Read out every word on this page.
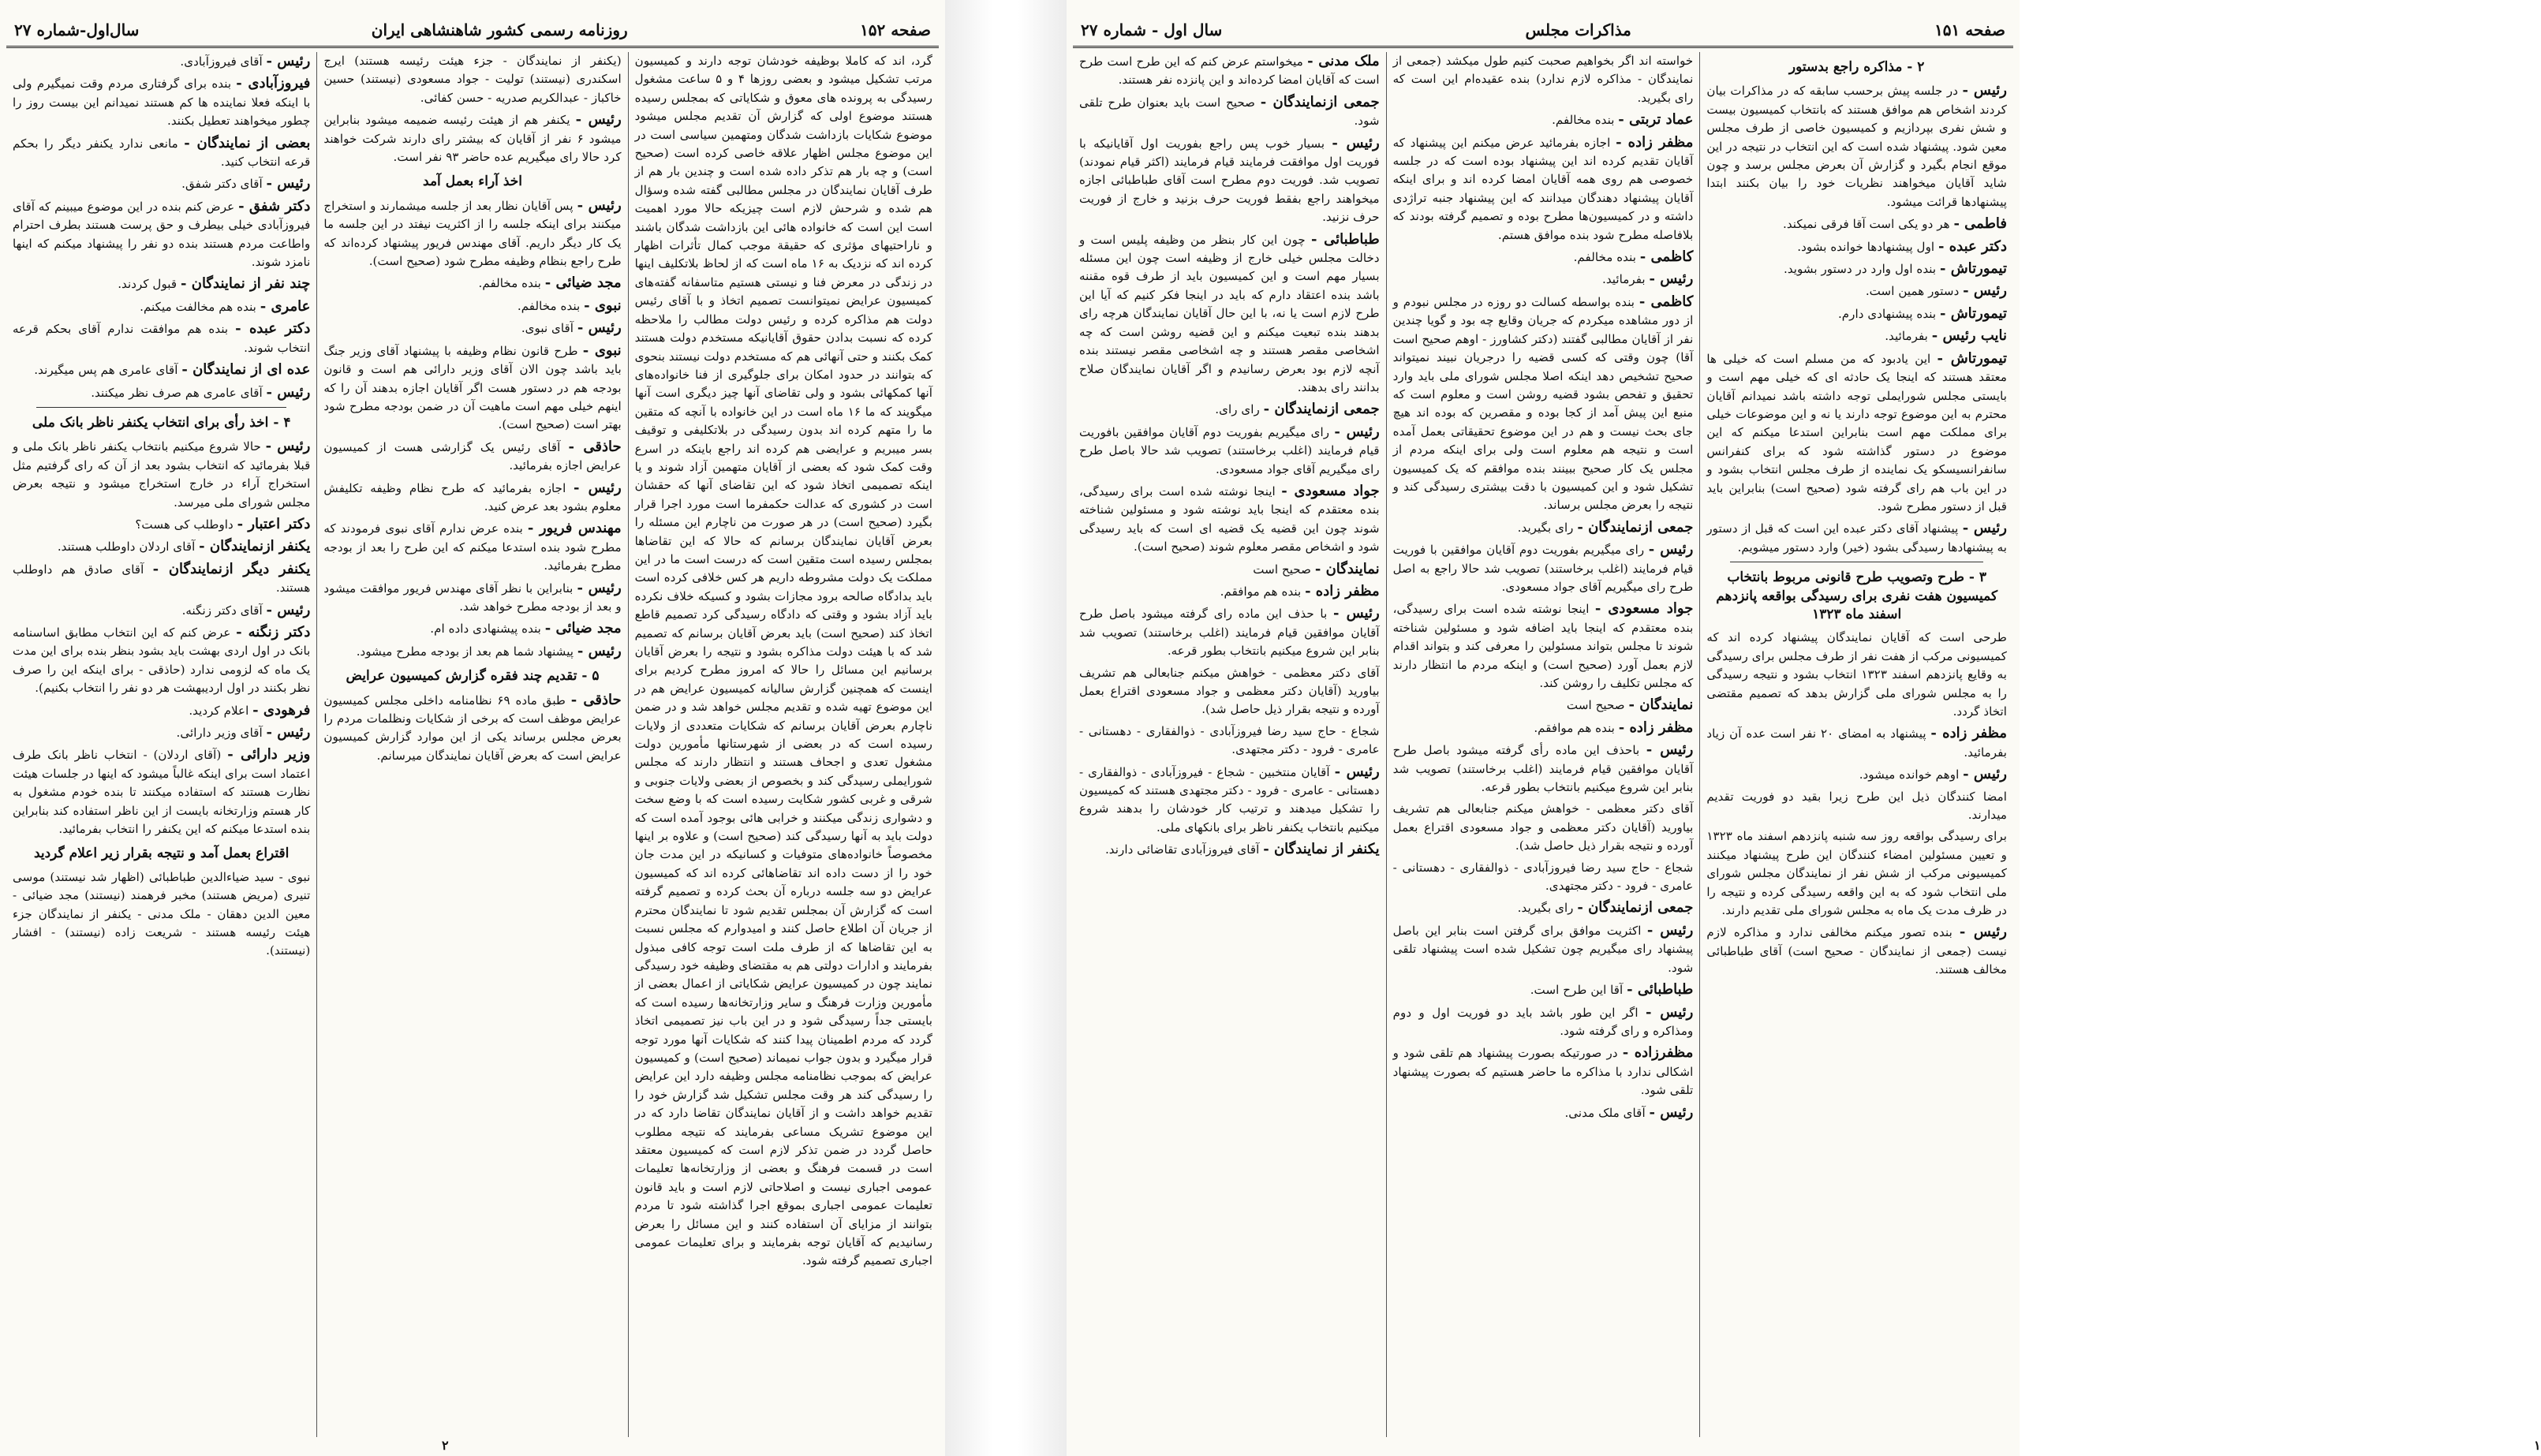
سال‌اول-شماره ۲۷	روزنامه رسمی کشور شاهنشاهی ایران	صفحه ۱۵۲

گرد، اند که کاملا بوظیفه خودشان توجه دارند و کمیسیون مرتب تشکیل میشود و بعضی روزها ۴ و ۵ ساعت مشغول رسیدگی به پرونده های معوق و شکایاتی که بمجلس رسیده هستند موضوع اولی که گزارش آن تقدیم مجلس میشود موضوع شکایات بازداشت شدگان ومتهمین سیاسی است در این موضوع مجلس اظهار علاقه خاصی کرده است (صحیح است) و چه بار هم تذکر داده شده است و چندین بار هم از طرف آقایان نمایندگان در مجلس مطالبی گفته شده وسؤال هم شده و شرحش لازم است چیزیکه حالا مورد اهمیت است این است که خانواده هائی این بازداشت شدگان باشند و ناراحتیهای مؤثری که حقیقة موجب کمال تأثرات اظهار کرده اند که نزدیک به ۱۶ ماه است که از لحاظ بلاتکلیف اینها در زندگی در معرض فنا و نیستی هستیم متاسفانه گفته‌های کمیسیون عرایض نمیتوانست تصمیم اتخاذ و با آقای رئیس دولت هم مذاکره کرده و رئیس دولت مطالب را ملاحظه کرده که نسبت بدادن حقوق آقایانیکه مستخدم دولت هستند کمک بکنند و حتی آنهائی هم که مستخدم دولت نیستند بنحوی که بتوانند در حدود امکان برای جلوگیری از فنا خانواده‌های آنها کمکهائی بشود و ولی تقاضای آنها چیز دیگری است آنها میگویند که ما ۱۶ ماه است در این خانواده با آنچه که متقین ما را متهم کرده اند بدون رسیدگی در بلاتکلیفی و توقیف بسر میبریم و عرایضی هم کرده اند راجع باینکه در اسرع وقت کمک شود که بعضی از آقایان متهمین آزاد شوند و یا اینکه تصمیمی اتخاذ شود که این تقاضای آنها که حقشان است در کشوری که عدالت حکمفرما است مورد اجرا قرار بگیرد (صحیح است) در هر صورت من ناچارم این مسئله را بعرض آقایان نمایندگان برسانم که حالا که این تقاضاها بمجلس رسیده است متقین است که درست است ما در این مملکت یک دولت مشروطه داریم هر کس خلافی کرده است باید بدادگاه صالحه برود مجازات بشود و کسیکه خلاف نکرده باید آزاد بشود و وقتی که دادگاه رسیدگی کرد تصمیم قاطع اتخاذ کند (صحیح است) باید بعرض آقایان برسانم که تصمیم شد که با هیئت دولت مذاکره بشود و نتیجه را بعرض آقایان برسانیم این مسائل را حالا که امروز مطرح کردیم برای اینست که همچنین گزارش سالیانه کمیسیون عرایض هم در این موضوع تهیه شده و تقدیم مجلس خواهد شد و در ضمن ناچارم بعرض آقایان برسانم که شکایات متعددی از ولایات رسیده است که در بعضی از شهرستانها مأمورین دولت مشغول تعدی و اجحاف هستند و انتظار دارند که مجلس شورایملی رسیدگی کند و بخصوص از بعضی ولایات جنوبی و شرقی و غربی کشور شکایت رسیده است که با وضع سخت و دشواری زندگی میکنند و خرابی هائی بوجود آمده است که دولت باید به آنها رسیدگی کند (صحیح است) و علاوه بر اینها مخصوصاً خانواده‌های متوفیات و کسانیکه در این مدت جان خود را از دست داده اند تقاضاهائی کرده اند که کمیسیون عرایض دو سه جلسه درباره آن بحث کرده و تصمیم گرفته است که گزارش آن بمجلس تقدیم شود تا نمایندگان محترم از جریان آن اطلاع حاصل کنند و امیدوارم که مجلس نسبت به این تقاضاها که از طرف ملت است توجه کافی مبذول بفرمایند و ادارات دولتی هم به مقتضای وظیفه خود رسیدگی نمایند چون در کمیسیون عرایض شکایاتی از اعمال بعضی از مأمورین وزارت فرهنگ و سایر وزارتخانه‌ها رسیده است که بایستی جداً رسیدگی شود و در این باب نیز تصمیمی اتخاذ گردد که مردم اطمینان پیدا کنند که شکایات آنها مورد توجه قرار میگیرد و بدون جواب نمیماند (صحیح است) و کمیسیون عرایض که بموجب نظامنامه مجلس وظیفه دارد این عرایض را رسیدگی کند هر وقت مجلس تشکیل شد گزارش خود را تقدیم خواهد داشت و از آقایان نمایندگان تقاضا دارد که در این موضوع تشریک مساعی بفرمایند که نتیجه مطلوب حاصل گردد در ضمن تذکر لازم است که کمیسیون معتقد است در قسمت فرهنگ و بعضی از وزارتخانه‌ها تعلیمات عمومی اجباری نیست و اصلاحاتی لازم است و باید قانون تعلیمات عمومی اجباری بموقع اجرا گذاشته شود تا مردم بتوانند از مزایای آن استفاده کنند و این مسائل را بعرض رسانیدیم که آقایان توجه بفرمایند و برای تعلیمات عمومی اجباری تصمیم گرفته شود.

(یکنفر از نمایندگان - جزء هیئت رئیسه هستند) ایرج اسکندری (نیستند) تولیت - جواد مسعودی (نیستند) حسین خاکباز - عبدالکریم صدریه - حسن کفائی.

رئیس - یکنفر هم از هیئت رئیسه ضمیمه میشود بنابراین میشود ۶ نفر از آقایان که بیشتر رای دارند شرکت خواهند کرد حالا رای میگیریم عده حاضر ۹۳ نفر است.

اخذ آراء بعمل آمد

رئیس - پس آقایان نظار بعد از جلسه میشمارند و استخراج میکنند برای اینکه جلسه را از اکثریت نیفتد در این جلسه ما یک کار دیگر داریم. آقای مهندس فریور پیشنهاد کرده‌اند که طرح راجع بنظام وظیفه مطرح شود (صحیح است).

مجد ضیائی - بنده مخالفم.

نبوی - بنده مخالفم.

رئیس - آقای نبوی.

نبوی - طرح قانون نظام وظیفه با پیشنهاد آقای وزیر جنگ باید باشد چون الان آقای وزیر دارائی هم است و قانون بودجه هم در دستور هست اگر آقایان اجازه بدهند آن را که اینهم خیلی مهم است ماهیت آن در ضمن بودجه مطرح شود بهتر است (صحیح است).

حاذقی - آقای رئیس یک گزارشی هست از کمیسیون عرایض اجازه بفرمائید.

رئیس - اجازه بفرمائید که طرح نظام وظیفه تکلیفش معلوم بشود بعد عرض کنید.

مهندس فریور - بنده عرض ندارم آقای نبوی فرمودند که مطرح شود بنده استدعا میکنم که این طرح را بعد از بودجه مطرح بفرمائید.

رئیس - بنابراین با نظر آقای مهندس فریور موافقت میشود و بعد از بودجه مطرح خواهد شد.

مجد ضیائی - بنده پیشنهادی داده ام.

رئیس - پیشنهاد شما هم بعد از بودجه مطرح میشود.

۵ - تقدیم چند فقره گزارش کمیسیون عرایض

حاذقی - طبق ماده ۶۹ نظامنامه داخلی مجلس کمیسیون عرایض موظف است که برخی از شکایات ونظلمات مردم را بعرض مجلس برساند یکی از این موارد گزارش کمیسیون عرایض است که بعرض آقایان نمایندگان میرسانم.

رئیس - آقای فیروزآبادی.

فیروزآبادی - بنده برای گرفتاری مردم وقت نمیگیرم ولی با اینکه فعلا نماینده ها کم هستند نمیدانم این بیست روز را چطور میخواهند تعطیل بکنند.

بعضی از نمایندگان - مانعی ندارد یکنفر دیگر را بحکم قرعه انتخاب کنید.

رئیس - آقای دکتر شفق.

دکتر شفق - عرض کنم بنده در این موضوع میبینم که آقای فیروزآبادی خیلی بیطرف و حق پرست هستند بطرف احترام واطاعت مردم هستند بنده دو نفر را پیشنهاد میکنم که اینها نامزد شوند.

چند نفر از نمایندگان - قبول کردند.

عامری - بنده هم مخالفت میکنم.

دکتر عبده - بنده هم موافقت ندارم آقای بحکم قرعه انتخاب شوند.

عده ای از نمایندگان - آقای عامری هم پس میگیرند.

رئیس - آقای عامری هم صرف نظر میکنند.

۴ - اخذ رأی برای انتخاب یکنفر ناظر بانک ملی

رئیس - حالا شروع میکنیم بانتخاب یکنفر ناظر بانک ملی و قبلا بفرمائید که انتخاب بشود بعد از آن که رای گرفتیم مثل استخراج آراء در خارج استخراج میشود و نتیجه بعرض مجلس شورای ملی میرسد.

دکتر اعتبار - داوطلب کی هست؟

یکنفر ازنمایندگان - آقای اردلان داوطلب هستند.

یکنفر دیگر ازنمایندگان - آقای صادق هم داوطلب هستند.

رئیس - آقای دکتر زنگنه.

دکتر زنگنه - عرض کنم که این انتخاب مطابق اساسنامه بانک در اول اردی بهشت باید بشود بنظر بنده برای این مدت یک ماه که لزومی ندارد (حاذقی - برای اینکه این را صرف نظر بکنند در اول اردیبهشت هر دو نفر را انتخاب بکنیم).

فرهودی - اعلام کردید.

رئیس - آقای وزیر دارائی.

وزیر دارائی - (آقای اردلان) - انتخاب ناظر بانک طرف اعتماد است برای اینکه غالباً میشود که اینها در جلسات هیئت نظارت هستند که استفاده میکنند تا بنده خودم مشغول به کار هستم وزارتخانه بایست از این ناظر استفاده کند بنابراین بنده استدعا میکنم که این یکنفر را انتخاب بفرمائید.

اقتراع بعمل آمد و نتیجه بقرار زیر اعلام گردید

نبوی - سید ضیاءالدین طباطبائی (اظهار شد نیستند) موسی تنیری (مریض هستند) مخبر فرهمند (نیستند) مجد ضیائی - معین الدین دهقان - ملک مدنی - یکنفر از نمایندگان جزء هیئت رئیسه هستند - شریعت زاده (نیستند) - افشار (نیستند).

۲
سال اول - شماره ۲۷	مذاکرات مجلس	صفحه ۱۵۱
۲ - مذاکره راجع بدستور

رئیس - در جلسه پیش برحسب سابقه که در مذاکرات بیان کردند اشخاص هم موافق هستند که بانتخاب کمیسیون بیست و شش نفری بپردازیم و کمیسیون خاصی از طرف مجلس معین شود. پیشنهاد شده است که این انتخاب در نتیجه در این موقع انجام بگیرد و گزارش آن بعرض مجلس برسد و چون شاید آقایان میخواهند نظریات خود را بیان بکنند ابتدا پیشنهادها قرائت میشود.

فاطمی - هر دو یکی است آقا فرقی نمیکند.

دکتر عبده - اول پیشنهادها خوانده بشود.

تیمورتاش - بنده اول وارد در دستور بشوید.

رئیس - دستور همین است.

تیمورتاش - بنده پیشنهادی دارم.

نایب رئیس - بفرمائید.

تیمورتاش - این یادبود که من مسلم است که خیلی ها معتقد هستند که اینجا یک حادثه ای که خیلی مهم است و بایستی مجلس شورایملی توجه داشته باشد نمیدانم آقایان محترم به این موضوع توجه دارند یا نه و این موضوعات خیلی برای مملکت مهم است بنابراین استدعا میکنم که این موضوع در دستور گذاشته شود که برای کنفرانس سانفرانسیسکو یک نماینده از طرف مجلس انتخاب بشود و در این باب هم رای گرفته شود (صحیح است) بنابراین باید قبل از دستور مطرح شود.

رئیس - پیشنهاد آقای دکتر عبده این است که قبل از دستور به پیشنهادها رسیدگی بشود (خیر) وارد دستور میشویم.

۳ - طرح وتصویب طرح قانونی مربوط بانتخاب کمیسیون هفت نفری برای رسیدگی بواقعه پانزدهم اسفند ماه ۱۳۲۳

طرحی است که آقایان نمایندگان پیشنهاد کرده اند که کمیسیونی مرکب از هفت نفر از طرف مجلس برای رسیدگی به وقایع پانزدهم اسفند ۱۳۲۳ انتخاب بشود و نتیجه رسیدگی را به مجلس شورای ملی گزارش بدهد که تصمیم مقتضی اتخاذ گردد.

مظفر زاده - پیشنهاد به امضای ۲۰ نفر است عده آن زیاد بفرمائید.

رئیس - اوهم خوانده میشود.

امضا کنندگان ذیل این طرح زیرا بقید دو فوریت تقدیم میدارند.

برای رسیدگی بواقعه روز سه شنبه پانزدهم اسفند ماه ۱۳۲۳ و تعیین مسئولین امضاء کنندگان این طرح پیشنهاد میکنند کمیسیونی مرکب از شش نفر از نمایندگان مجلس شورای ملی انتخاب شود که به این واقعه رسیدگی کرده و نتیجه را در ظرف مدت یک ماه به مجلس شورای ملی تقدیم دارند.

رئیس - بنده تصور میکنم مخالفی ندارد و مذاکره لازم نیست (جمعی از نمایندگان - صحیح است) آقای طباطبائی مخالف هستند.

خواسته اند اگر بخواهیم صحبت کنیم طول میکشد (جمعی از نمایندگان - مذاکره لازم ندارد) بنده عقیده‌ام این است که رای بگیرید.

عماد تربتی - بنده مخالفم.

مظفر زاده - اجازه بفرمائید عرض میکنم این پیشنهاد که آقایان تقدیم کرده اند این پیشنهاد بوده است که در جلسه خصوصی هم روی همه آقایان امضا کرده اند و برای اینکه آقایان پیشنهاد دهندگان میدانند که این پیشنهاد جنبه تراژدی داشته و در کمیسیون‌ها مطرح بوده و تصمیم گرفته بودند که بلافاصله مطرح شود بنده موافق هستم.

کاظمی - بنده مخالفم.

رئیس - بفرمائید.

کاظمی - بنده بواسطه کسالت دو روزه در مجلس نبودم و از دور مشاهده میکردم که جریان وقایع چه بود و گویا چندین نفر از آقایان مطالبی گفتند (دکتر کشاورز - اوهم صحیح است آقا) چون وقتی که کسی قضیه را درجریان نبیند نمیتواند صحیح تشخیص دهد اینکه اصلا مجلس شورای ملی باید وارد تحقیق و تفحص بشود قضیه روشن است و معلوم است که منبع این پیش آمد از کجا بوده و مقصرین که بوده اند هیچ جای بحث نیست و هم در این موضوع تحقیقاتی بعمل آمده است و نتیجه هم معلوم است ولی برای اینکه مردم از مجلس یک کار صحیح ببینند بنده موافقم که یک کمیسیون تشکیل شود و این کمیسیون با دقت بیشتری رسیدگی کند و نتیجه را بعرض مجلس برساند.

جمعی ازنمایندگان - رای بگیرید.

رئیس - رای میگیریم بفوریت دوم آقایان موافقین با فوریت قیام فرمایند (اغلب برخاستند) تصویب شد حالا راجع به اصل طرح رای میگیریم آقای جواد مسعودی.

جواد مسعودی - اینجا نوشته شده است برای رسیدگی، بنده معتقدم که اینجا باید اضافه شود و مسئولین شناخته شوند تا مجلس بتواند مسئولین را معرفی کند و بتواند اقدام لازم بعمل آورد (صحیح است) و اینکه مردم ما انتظار دارند که مجلس تکلیف را روشن کند.

نمایندگان - صحیح است

مظفر زاده - بنده هم موافقم.

رئیس - باحذف این ماده رأی گرفته میشود باصل طرح آقایان موافقین قیام فرمایند (اغلب برخاستند) تصویب شد بنابر این شروع میکنیم بانتخاب بطور قرعه.

آقای دکتر معظمی - خواهش میکنم جنابعالی هم تشریف بیاورید (آقایان دکتر معظمی و جواد مسعودی اقتراع بعمل آورده و نتیجه بقرار ذیل حاصل شد).

شجاع - حاج سید رضا فیروزآبادی - ذوالفقاری - دهستانی - عامری - فرود - دکتر مجتهدی.

جمعی ازنمایندگان - رای بگیرید.

رئیس - اکثریت موافق برای گرفتن است بنابر این باصل پیشنهاد رای میگیریم چون تشکیل شده است پیشنهاد تلقی شود.

طباطبائی - آقا این طرح است.

رئیس - اگر این طور باشد باید دو فوریت اول و دوم ومذاکره و رای گرفته شود.

مظفرزاده - در صورتیکه بصورت پیشنهاد هم تلقی شود و اشکالی ندارد با مذاکره ما حاضر هستیم که بصورت پیشنهاد تلقی شود.

رئیس - آقای ملک مدنی.

ملک مدنی - میخواستم عرض کنم که این طرح است طرح است که آقایان امضا کرده‌اند و این پانزده نفر هستند.

جمعی ازنمایندگان - صحیح است باید بعنوان طرح تلقی شود.

رئیس - بسیار خوب پس راجع بفوریت اول آقایانیکه با فوریت اول موافقت فرمایند قیام فرمایند (اکثر قیام نمودند) تصویب شد. فوریت دوم مطرح است آقای طباطبائی اجازه میخواهند راجع بفقط فوریت حرف بزنید و خارج از فوریت حرف نزنید.

طباطبائی - چون این کار بنظر من وظیفه پلیس است و دخالت مجلس خیلی خارج از وظیفه است چون این مسئله بسیار مهم است و این کمیسیون باید از طرف قوه مقننه باشد بنده اعتقاد دارم که باید در اینجا فکر کنیم که آیا این طرح لازم است یا نه، با این حال آقایان نمایندگان هرچه رای بدهند بنده تبعیت میکنم و این قضیه روشن است که چه اشخاصی مقصر هستند و چه اشخاصی مقصر نیستند بنده آنچه لازم بود بعرض رسانیدم و اگر آقایان نمایندگان صلاح بدانند رای بدهند.

جمعی ازنمایندگان - رای رای.

رئیس - رای میگیریم بفوریت دوم آقایان موافقین بافوریت قیام فرمایند (اغلب برخاستند) تصویب شد حالا باصل طرح رای میگیریم آقای جواد مسعودی.

جواد مسعودی - اینجا نوشته شده است برای رسیدگی، بنده معتقدم که اینجا باید نوشته شود و مسئولین شناخته شوند چون این قضیه یک قضیه ای است که باید رسیدگی شود و اشخاص مقصر معلوم شوند (صحیح است).

نمایندگان - صحیح است

مظفر زاده - بنده هم موافقم.

رئیس - با حذف این ماده رای گرفته میشود باصل طرح آقایان موافقین قیام فرمایند (اغلب برخاستند) تصویب شد بنابر این شروع میکنیم بانتخاب بطور قرعه.

آقای دکتر معظمی - خواهش میکنم جنابعالی هم تشریف بیاورید (آقایان دکتر معظمی و جواد مسعودی اقتراع بعمل آورده و نتیجه بقرار ذیل حاصل شد).

شجاع - حاج سید رضا فیروزآبادی - ذوالفقاری - دهستانی - عامری - فرود - دکتر مجتهدی.

رئیس - آقایان منتخبین - شجاع - فیروزآبادی - ذوالفقاری - دهستانی - عامری - فرود - دکتر مجتهدی هستند که کمیسیون را تشکیل میدهند و ترتیب کار خودشان را بدهند شروع میکنیم بانتخاب یکنفر ناظر برای بانکهای ملی.

یکنفر از نمایندگان - آقای فیروزآبادی تقاضائی دارند.

۱
